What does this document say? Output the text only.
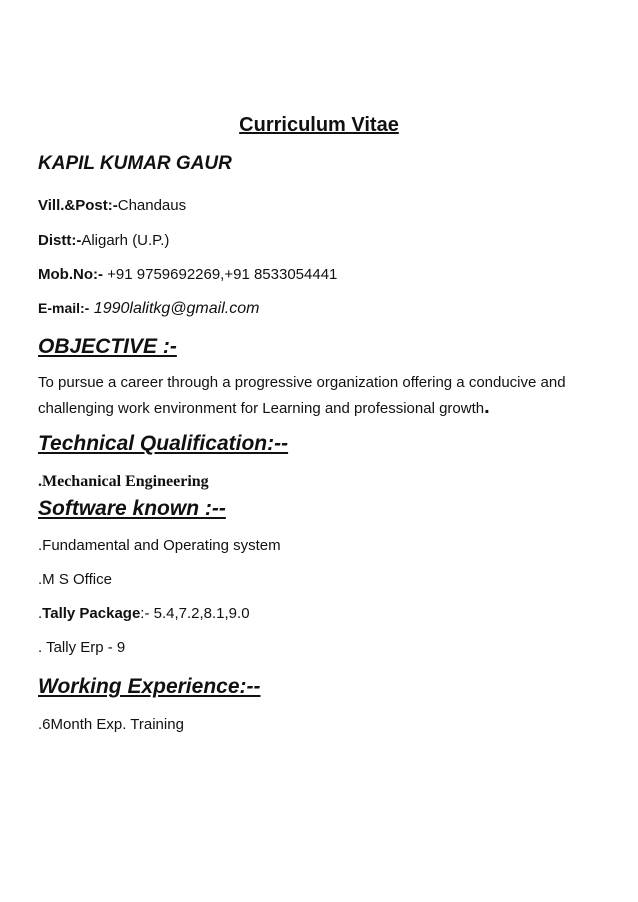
Curriculum Vitae
KAPIL KUMAR GAUR
Vill.&Post:-Chandaus
Distt:-Aligarh (U.P.)
Mob.No:- +91 9759692269,+91 8533054441
E-mail:- 1990lalitkg@gmail.com
OBJECTIVE :-
To pursue a career through a progressive organization offering a conducive and challenging work environment for Learning and professional growth.
Technical Qualification:--
.Mechanical Engineering
Software known :--
.Fundamental and Operating system
.M S Office
.Tally Package:- 5.4,7.2,8.1,9.0
. Tally Erp - 9
Working Experience:--
.6Month Exp. Training
